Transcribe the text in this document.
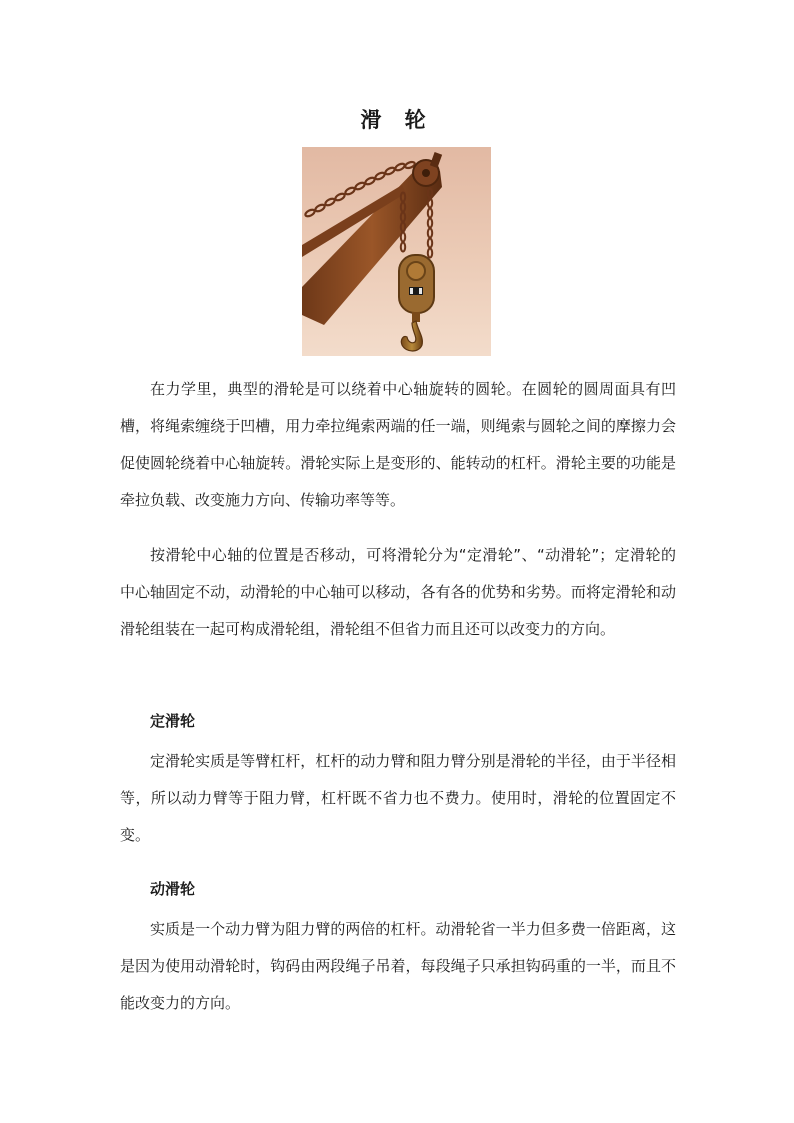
滑 轮

在力学里，典型的滑轮是可以绕着中心轴旋转的圆轮。在圆轮的圆周面具有凹槽，将绳索缠绕于凹槽，用力牵拉绳索两端的任一端，则绳索与圆轮之间的摩擦力会促使圆轮绕着中心轴旋转。滑轮实际上是变形的、能转动的杠杆。滑轮主要的功能是牵拉负载、改变施力方向、传输功率等等。

按滑轮中心轴的位置是否移动，可将滑轮分为“定滑轮”、“动滑轮”；定滑轮的中心轴固定不动，动滑轮的中心轴可以移动，各有各的优势和劣势。而将定滑轮和动滑轮组装在一起可构成滑轮组，滑轮组不但省力而且还可以改变力的方向。

定滑轮

定滑轮实质是等臂杠杆，杠杆的动力臂和阻力臂分别是滑轮的半径，由于半径相等，所以动力臂等于阻力臂，杠杆既不省力也不费力。使用时，滑轮的位置固定不变。

动滑轮

实质是一个动力臂为阻力臂的两倍的杠杆。动滑轮省一半力但多费一倍距离，这是因为使用动滑轮时，钩码由两段绳子吊着，每段绳子只承担钩码重的一半，而且不能改变力的方向。
